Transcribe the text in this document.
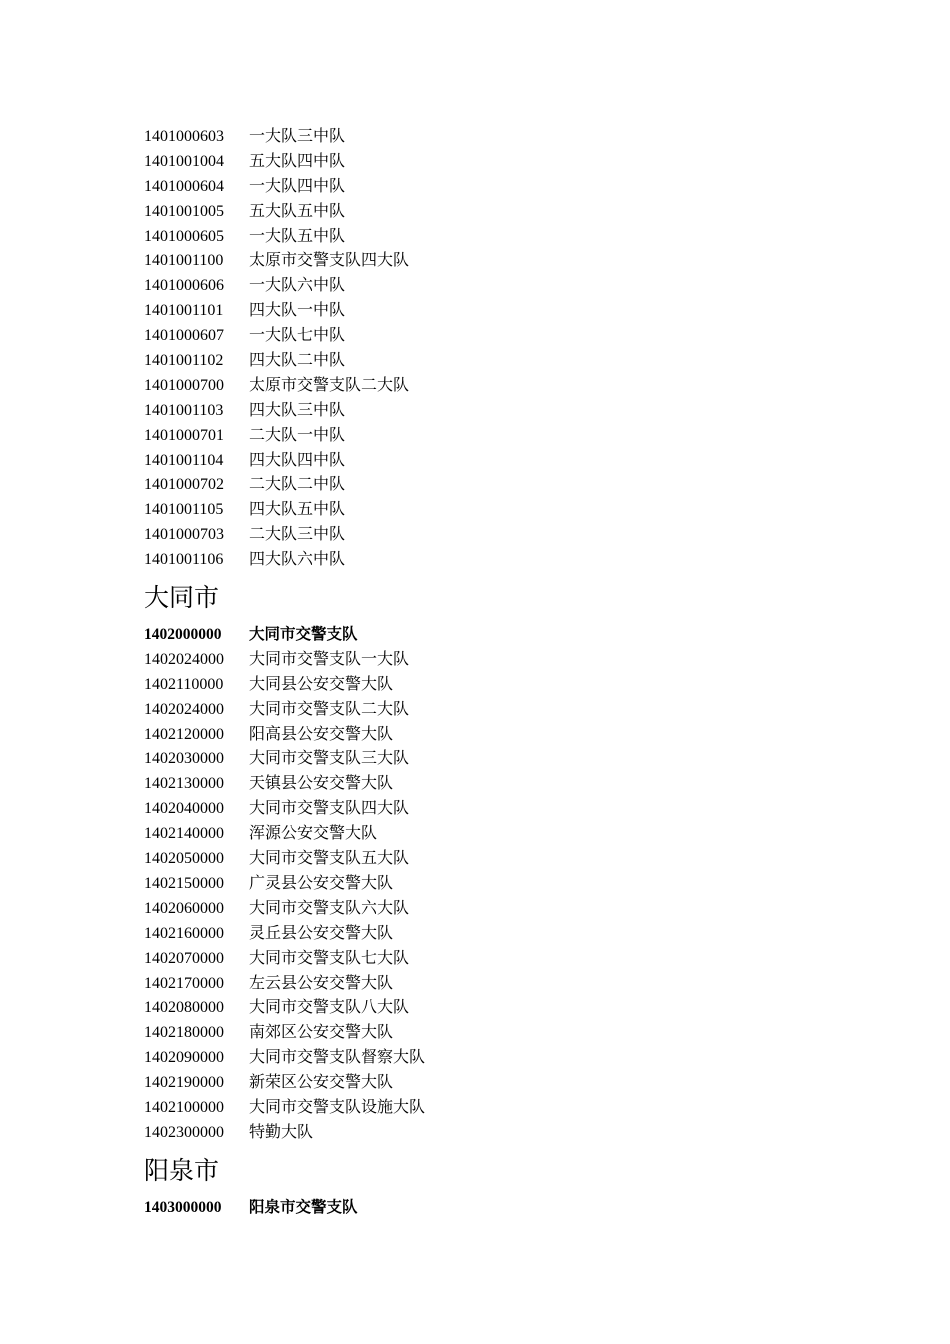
1401000603	一大队三中队
1401001004	五大队四中队
1401000604	一大队四中队
1401001005	五大队五中队
1401000605	一大队五中队
1401001100	太原市交警支队四大队
1401000606	一大队六中队
1401001101	四大队一中队
1401000607	一大队七中队
1401001102	四大队二中队
1401000700	太原市交警支队二大队
1401001103	四大队三中队
1401000701	二大队一中队
1401001104	四大队四中队
1401000702	二大队二中队
1401001105	四大队五中队
1401000703	二大队三中队
1401001106	四大队六中队
大同市
1402000000	大同市交警支队
1402024000	大同市交警支队一大队
1402110000	大同县公安交警大队
1402024000	大同市交警支队二大队
1402120000	阳高县公安交警大队
1402030000	大同市交警支队三大队
1402130000	天镇县公安交警大队
1402040000	大同市交警支队四大队
1402140000	浑源公安交警大队
1402050000	大同市交警支队五大队
1402150000	广灵县公安交警大队
1402060000	大同市交警支队六大队
1402160000	灵丘县公安交警大队
1402070000	大同市交警支队七大队
1402170000	左云县公安交警大队
1402080000	大同市交警支队八大队
1402180000	南郊区公安交警大队
1402090000	大同市交警支队督察大队
1402190000	新荣区公安交警大队
1402100000	大同市交警支队设施大队
1402300000	特勤大队
阳泉市
1403000000	阳泉市交警支队
